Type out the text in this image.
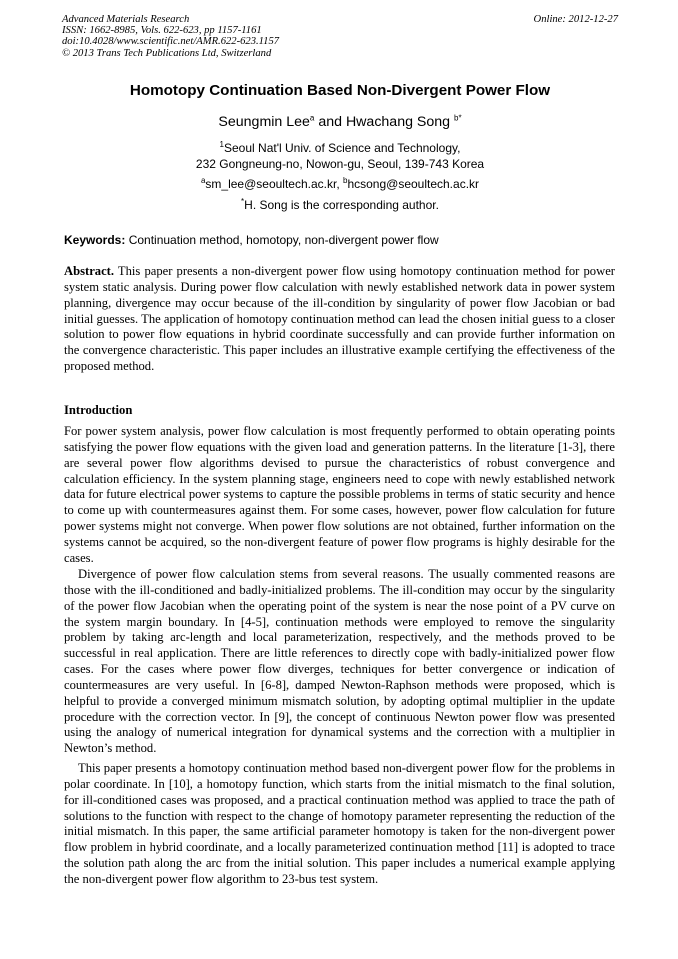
Advanced Materials Research
ISSN: 1662-8985, Vols. 622-623, pp 1157-1161
doi:10.4028/www.scientific.net/AMR.622-623.1157
© 2013 Trans Tech Publications Ltd, Switzerland
Online: 2012-12-27
Homotopy Continuation Based Non-Divergent Power Flow
Seungmin Lee$^a$ and Hwachang Song $^{b*}$
$^1$Seoul Nat'l Univ. of Science and Technology,
232 Gongneung-no, Nowon-gu, Seoul, 139-743 Korea
$^a$sm_lee@seoultech.ac.kr, $^b$hcsong@seoultech.ac.kr
*H. Song is the corresponding author.
Keywords: Continuation method, homotopy, non-divergent power flow
Abstract. This paper presents a non-divergent power flow using homotopy continuation method for power system static analysis. During power flow calculation with newly established network data in power system planning, divergence may occur because of the ill-condition by singularity of power flow Jacobian or bad initial guesses. The application of homotopy continuation method can lead the chosen initial guess to a closer solution to power flow equations in hybrid coordinate successfully and can provide further information on the convergence characteristic. This paper includes an illustrative example certifying the effectiveness of the proposed method.
Introduction
For power system analysis, power flow calculation is most frequently performed to obtain operating points satisfying the power flow equations with the given load and generation patterns. In the literature [1-3], there are several power flow algorithms devised to pursue the characteristics of robust convergence and calculation efficiency. In the system planning stage, engineers need to cope with newly established network data for future electrical power systems to capture the possible problems in terms of static security and hence to come up with countermeasures against them. For some cases, however, power flow calculation for future power systems might not converge. When power flow solutions are not obtained, further information on the systems cannot be acquired, so the non-divergent feature of power flow programs is highly desirable for the cases.
Divergence of power flow calculation stems from several reasons. The usually commented reasons are those with the ill-conditioned and badly-initialized problems. The ill-condition may occur by the singularity of the power flow Jacobian when the operating point of the system is near the nose point of a PV curve on the system margin boundary. In [4-5], continuation methods were employed to remove the singularity problem by taking arc-length and local parameterization, respectively, and the methods proved to be successful in real application. There are little references to directly cope with badly-initialized power flow cases. For the cases where power flow diverges, techniques for better convergence or indication of countermeasures are very useful. In [6-8], damped Newton-Raphson methods were proposed, which is helpful to provide a converged minimum mismatch solution, by adopting optimal multiplier in the update procedure with the correction vector. In [9], the concept of continuous Newton power flow was presented using the analogy of numerical integration for dynamical systems and the correction with a multiplier in Newton’s method.
This paper presents a homotopy continuation method based non-divergent power flow for the problems in polar coordinate. In [10], a homotopy function, which starts from the initial mismatch to the final solution, for ill-conditioned cases was proposed, and a practical continuation method was applied to trace the path of solutions to the function with respect to the change of homotopy parameter representing the reduction of the initial mismatch. In this paper, the same artificial parameter homotopy is taken for the non-divergent power flow problem in hybrid coordinate, and a locally parameterized continuation method [11] is adopted to trace the solution path along the arc from the initial solution. This paper includes a numerical example applying the non-divergent power flow algorithm to 23-bus test system.
